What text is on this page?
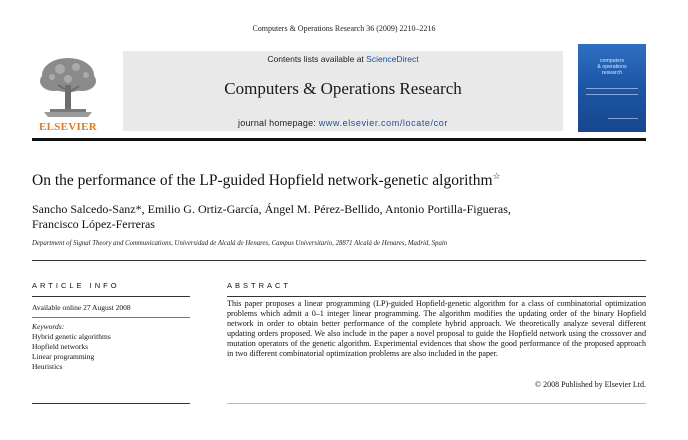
Computers & Operations Research 36 (2009) 2210–2216
ELSEVIER
Contents lists available at ScienceDirect
Computers & Operations Research
journal homepage: www.elsevier.com/locate/cor
computers
& operations
research
On the performance of the LP-guided Hopfield network-genetic algorithm☆
Sancho Salcedo-Sanz*, Emilio G. Ortiz-García, Ángel M. Pérez-Bellido, Antonio Portilla-Figueras,
Francisco López-Ferreras
Department of Signal Theory and Communications, Universidad de Alcalá de Henares, Campus Universitario, 28871 Alcalá de Henares, Madrid, Spain
ARTICLE INFO
Available online 27 August 2008
Keywords:
Hybrid genetic algorithms
Hopfield networks
Linear programming
Heuristics
ABSTRACT
This paper proposes a linear programming (LP)-guided Hopfield-genetic algorithm for a class of combinatorial optimization problems which admit a 0–1 integer linear programming. The algorithm modifies the updating order of the binary Hopfield network in order to obtain better performance of the complete hybrid approach. We theoretically analyze several different updating orders proposed. We also include in the paper a novel proposal to guide the Hopfield network using the crossover and mutation operators of the genetic algorithm. Experimental evidences that show the good performance of the proposed approach in two different combinatorial optimization problems are also included in the paper.
© 2008 Published by Elsevier Ltd.
